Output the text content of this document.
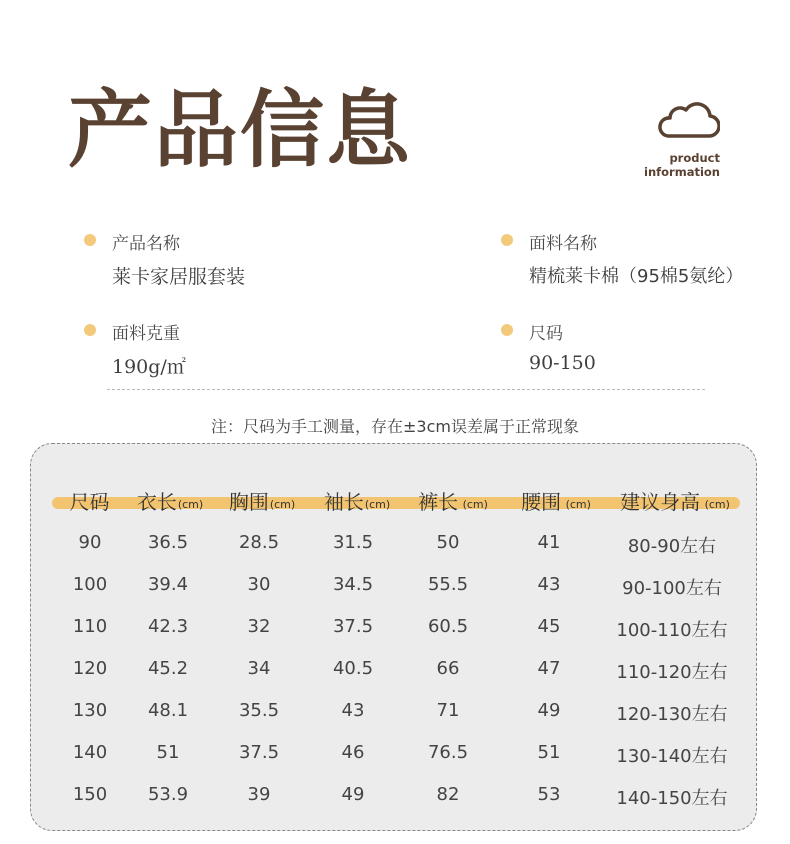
产品信息	product
information
产品名称
莱卡家居服套装
面料名称
精梳莱卡棉（95棉5氨纶）
面料克重
190g/㎡
尺码
90-150
注：尺码为手工测量，存在±3cm误差属于正常现象
尺码 衣长(cm) 胸围(cm) 袖长(cm) 裤长 (cm) 腰围 (cm) 建议身高 (cm)
90	36.5	28.5	31.5	50	41	80-90左右
100 39.4	30	34.5	55.5	43	90-100左右
110 42.3	32	37.5	60.5	45	100-110左右
120 45.2	34	40.5	66	47	110-120左右
130 48.1	35.5	43	71	49	120-130左右
140	51	37.5	46	76.5	51	130-140左右
150 53.9	39	49	82	53	140-150左右
